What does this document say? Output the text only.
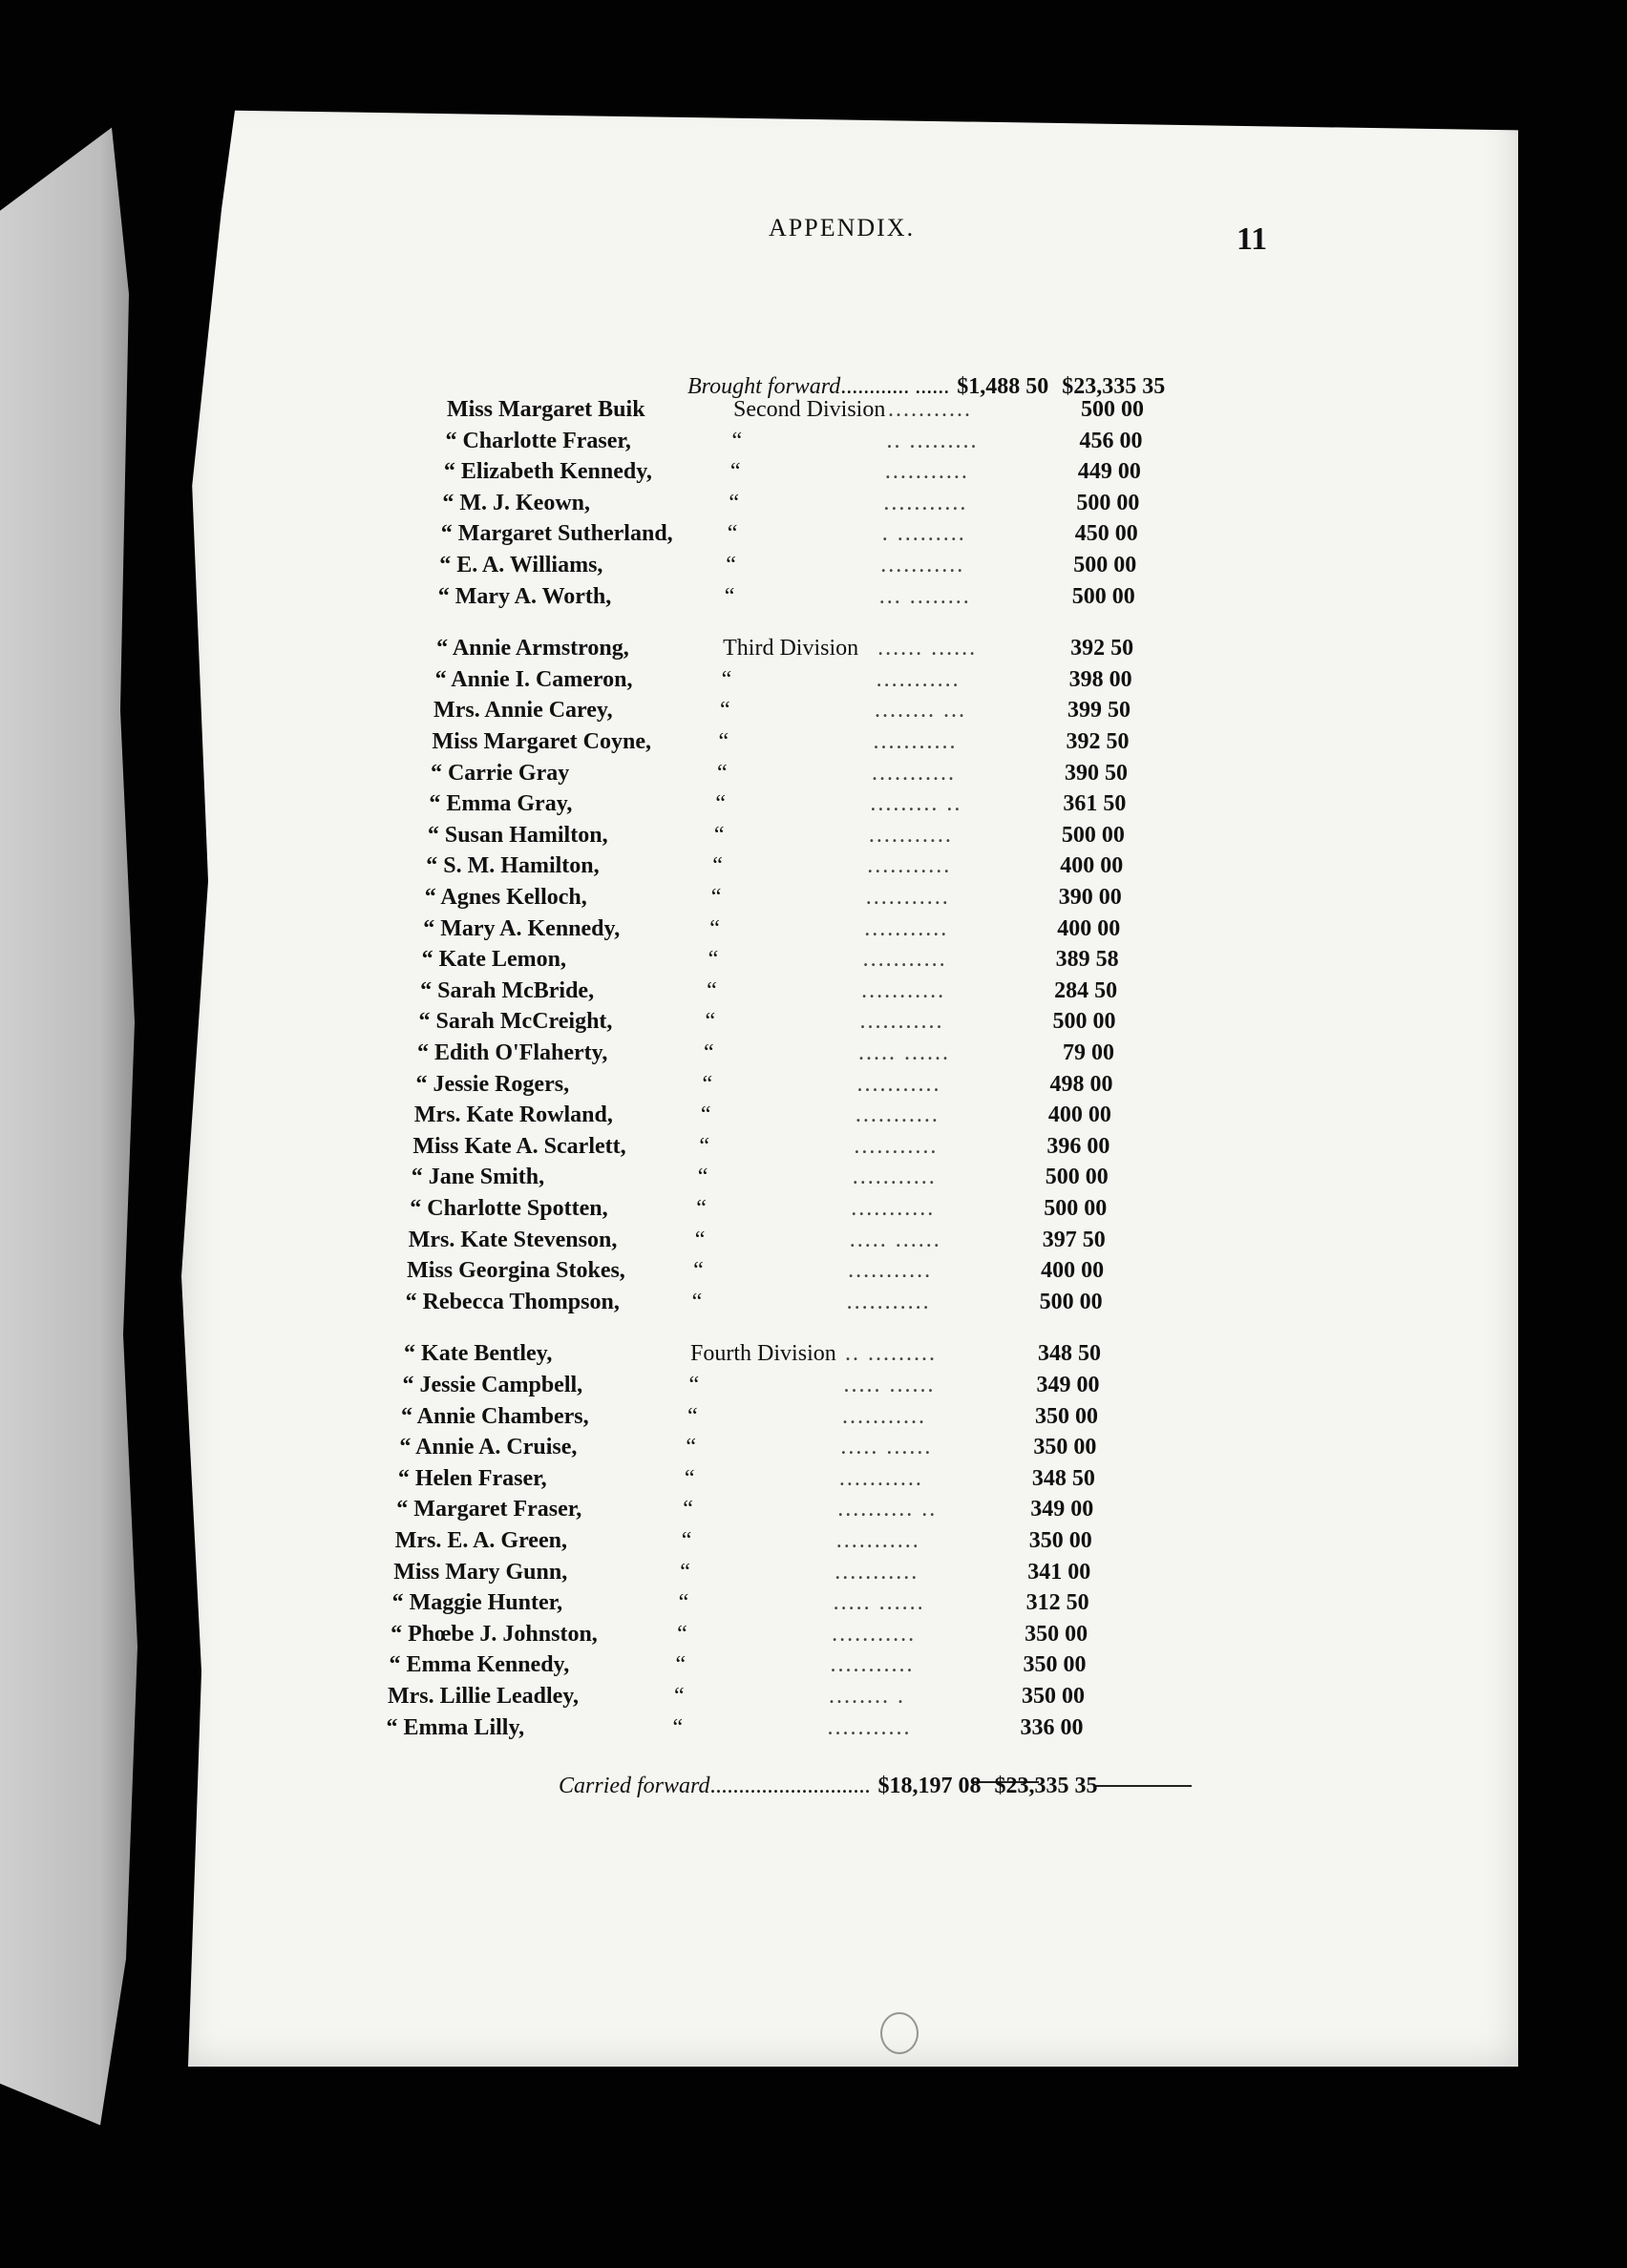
APPENDIX.	11
Brought forward............ ...... $1,488 50 $23,335 35
Miss Margaret Buik	Second Division ...........	500 00
“ Charlotte Fraser,	“	.. .........	456 00
“ Elizabeth Kennedy,	“	...........	449 00
“ M. J. Keown,	“	...........	500 00
“ Margaret Sutherland, “	. .........	450 00
“ E. A. Williams,	“	...........	500 00
“ Mary A. Worth,	“	... ........	500 00
“ Annie Armstrong,	Third Division ...... ......	392 50
“ Annie I. Cameron,	“	...........	398 00
Mrs. Annie Carey,	“	........ ...	399 50
Miss Margaret Coyne,	“	...........	392 50
“ Carrie Gray	“	...........	390 50
“ Emma Gray,	“	......... ..	361 50
“ Susan Hamilton,	“	...........	500 00
“ S. M. Hamilton,	“	...........	400 00
“ Agnes Kelloch,	“	...........	390 00
“ Mary A. Kennedy,	“	...........	400 00
“ Kate Lemon,	“	...........	389 58
“ Sarah McBride,	“	...........	284 50
“ Sarah McCreight,	“	...........	500 00
“ Edith O'Flaherty,	“	..... ......	79 00
“ Jessie Rogers,	“	...........	498 00
Mrs. Kate Rowland,	“	...........	400 00
Miss Kate A. Scarlett,	“	...........	396 00
“ Jane Smith,	“	...........	500 00
“ Charlotte Spotten,	“	...........	500 00
Mrs. Kate Stevenson,	“	..... ......	397 50
Miss Georgina Stokes,	“	...........	400 00
“ Rebecca Thompson,	“	...........	500 00
“ Kate Bentley,	Fourth Division .. .........	348 50
“ Jessie Campbell,	“	..... ......	349 00
“ Annie Chambers,	“	...........	350 00
“ Annie A. Cruise,	“	..... ......	350 00
“ Helen Fraser,	“	...........	348 50
“ Margaret Fraser,	“	.......... ..	349 00
Mrs. E. A. Green,	“	...........	350 00
Miss Mary Gunn,	“	...........	341 00
“ Maggie Hunter,	“	..... ......	312 50
“ Phœbe J. Johnston,	“	...........	350 00
“ Emma Kennedy,	“	...........	350 00
Mrs. Lillie Leadley,	“	........ .	350 00
“ Emma Lilly,	“	...........	336 00
Carried forward............................ $18,197 08 $23,335 35
